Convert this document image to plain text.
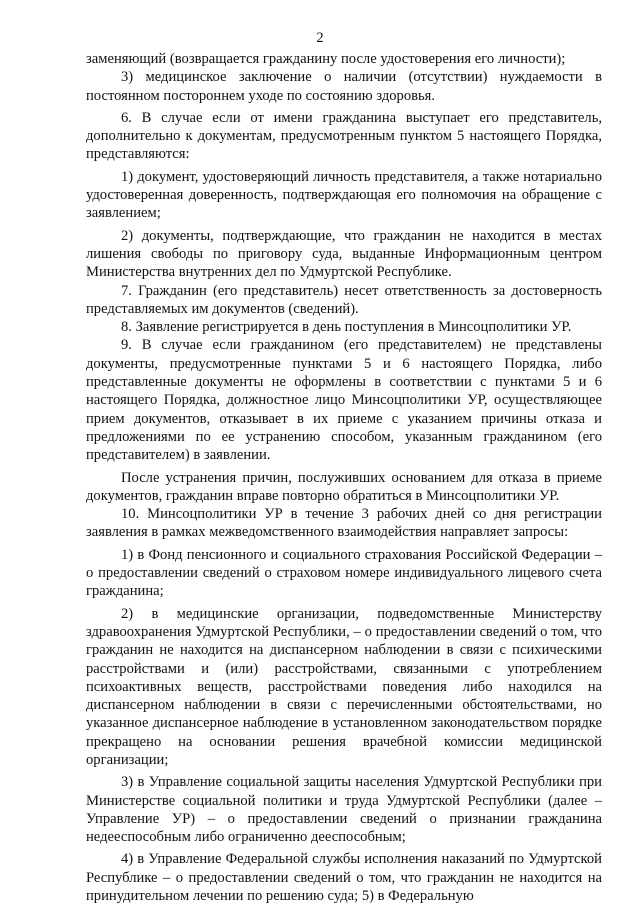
2

заменяющий (возвращается гражданину после удостоверения его личности);

3) медицинское заключение о наличии (отсутствии) нуждаемости в постоянном постороннем уходе по состоянию здоровья.

6. В случае если от имени гражданина выступает его представитель, дополнительно к документам, предусмотренным пунктом 5 настоящего Порядка, представляются:

1) документ, удостоверяющий личность представителя, а также нотариально удостоверенная доверенность, подтверждающая его полномочия на обращение с заявлением;

2) документы, подтверждающие, что гражданин не находится в местах лишения свободы по приговору суда, выданные Информационным центром Министерства внутренних дел по Удмуртской Республике.

7. Гражданин (его представитель) несет ответственность за достоверность представляемых им документов (сведений).

8. Заявление регистрируется в день поступления в Минсоцполитики УР.

9. В случае если гражданином (его представителем) не представлены документы, предусмотренные пунктами 5 и 6 настоящего Порядка, либо представленные документы не оформлены в соответствии с пунктами 5 и 6 настоящего Порядка, должностное лицо Минсоцполитики УР, осуществляющее прием документов, отказывает в их приеме с указанием причины отказа и предложениями по ее устранению способом, указанным гражданином (его представителем) в заявлении.

После устранения причин, послуживших основанием для отказа в приеме документов, гражданин вправе повторно обратиться в Минсоцполитики УР.

10. Минсоцполитики УР в течение 3 рабочих дней со дня регистрации заявления в рамках межведомственного взаимодействия направляет запросы:

1) в Фонд пенсионного и социального страхования Российской Федерации – о предоставлении сведений о страховом номере индивидуального лицевого счета гражданина;

2) в медицинские организации, подведомственные Министерству здравоохранения Удмуртской Республики, – о предоставлении сведений о том, что гражданин не находится на диспансерном наблюдении в связи с психическими расстройствами и (или) расстройствами, связанными с употреблением психоактивных веществ, расстройствами поведения либо находился на диспансерном наблюдении в связи с перечисленными обстоятельствами, но указанное диспансерное наблюдение в установленном законодательством порядке прекращено на основании решения врачебной комиссии медицинской организации;

3) в Управление социальной защиты населения Удмуртской Республики при Министерстве социальной политики и труда Удмуртской Республики (далее – Управление УР) – о предоставлении сведений о признании гражданина недееспособным либо ограниченно дееспособным;

4) в Управление Федеральной службы исполнения наказаний по Удмуртской Республике – о предоставлении сведений о том, что гражданин не находится на принудительном лечении по решению суда; 5) в Федеральную
